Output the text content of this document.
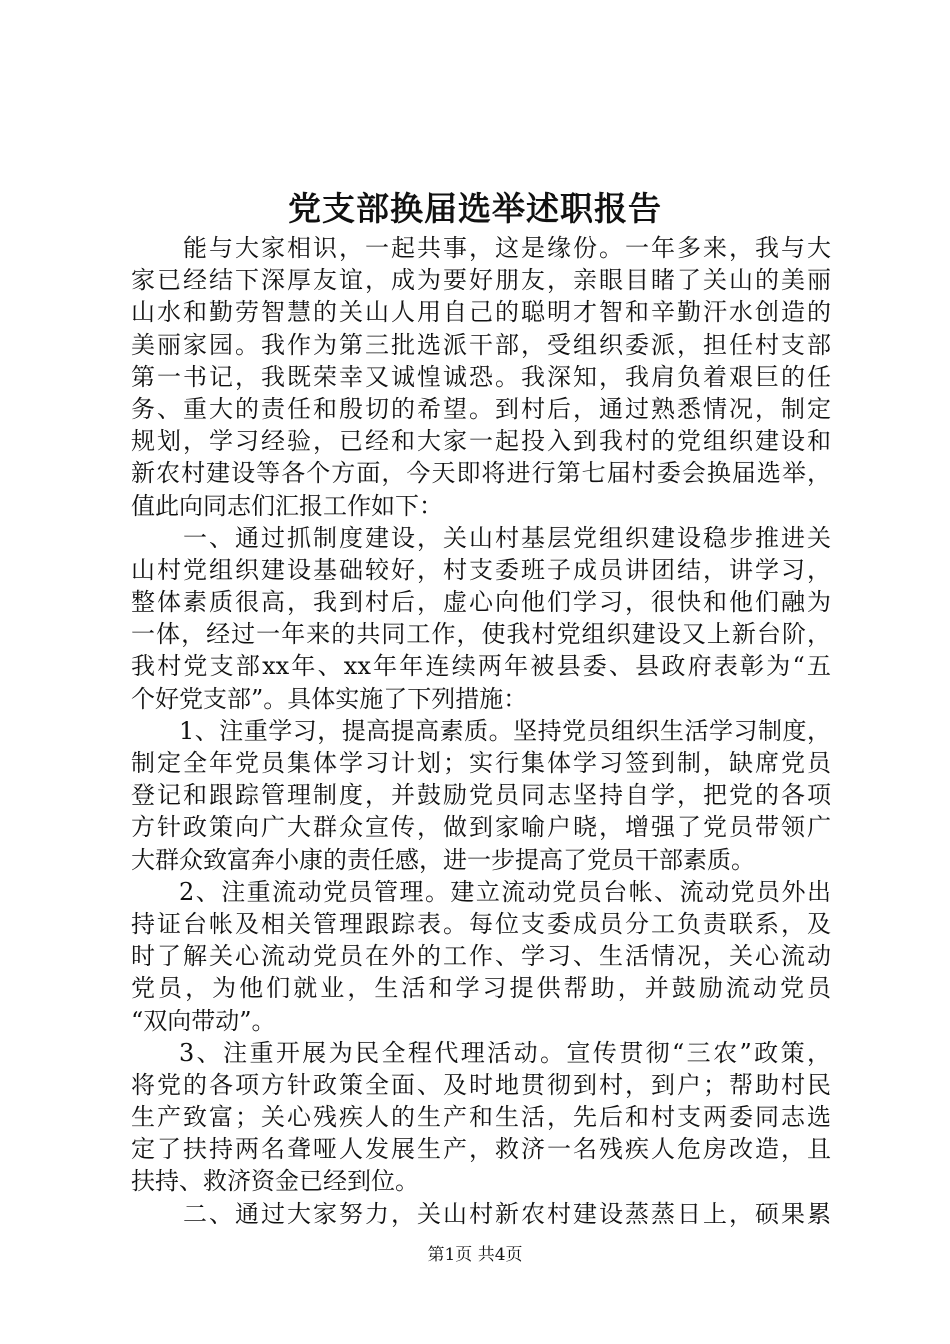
党支部换届选举述职报告
能与大家相识，一起共事，这是缘份。一年多来，我与大
家已经结下深厚友谊，成为要好朋友，亲眼目睹了关山的美丽
山水和勤劳智慧的关山人用自己的聪明才智和辛勤汗水创造的
美丽家园。我作为第三批选派干部，受组织委派，担任村支部
第一书记，我既荣幸又诚惶诚恐。我深知，我肩负着艰巨的任
务、重大的责任和殷切的希望。到村后，通过熟悉情况，制定
规划，学习经验，已经和大家一起投入到我村的党组织建设和
新农村建设等各个方面，今天即将进行第七届村委会换届选举，
值此向同志们汇报工作如下：
一、通过抓制度建设，关山村基层党组织建设稳步推进关
山村党组织建设基础较好，村支委班子成员讲团结，讲学习，
整体素质很高，我到村后，虚心向他们学习，很快和他们融为
一体，经过一年来的共同工作，使我村党组织建设又上新台阶，
我村党支部xx年、xx年年连续两年被县委、县政府表彰为“五
个好党支部”。具体实施了下列措施：
1、注重学习，提高提高素质。坚持党员组织生活学习制度，
制定全年党员集体学习计划；实行集体学习签到制，缺席党员
登记和跟踪管理制度，并鼓励党员同志坚持自学，把党的各项
方针政策向广大群众宣传，做到家喻户晓，增强了党员带领广
大群众致富奔小康的责任感，进一步提高了党员干部素质。
2、注重流动党员管理。建立流动党员台帐、流动党员外出
持证台帐及相关管理跟踪表。每位支委成员分工负责联系，及
时了解关心流动党员在外的工作、学习、生活情况，关心流动
党员，为他们就业，生活和学习提供帮助，并鼓励流动党员
“双向带动”。
3、注重开展为民全程代理活动。宣传贯彻“三农”政策，
将党的各项方针政策全面、及时地贯彻到村，到户；帮助村民
生产致富；关心残疾人的生产和生活，先后和村支两委同志选
定了扶持两名聋哑人发展生产，救济一名残疾人危房改造，且
扶持、救济资金已经到位。
二、通过大家努力，关山村新农村建设蒸蒸日上，硕果累
第1页 共4页
